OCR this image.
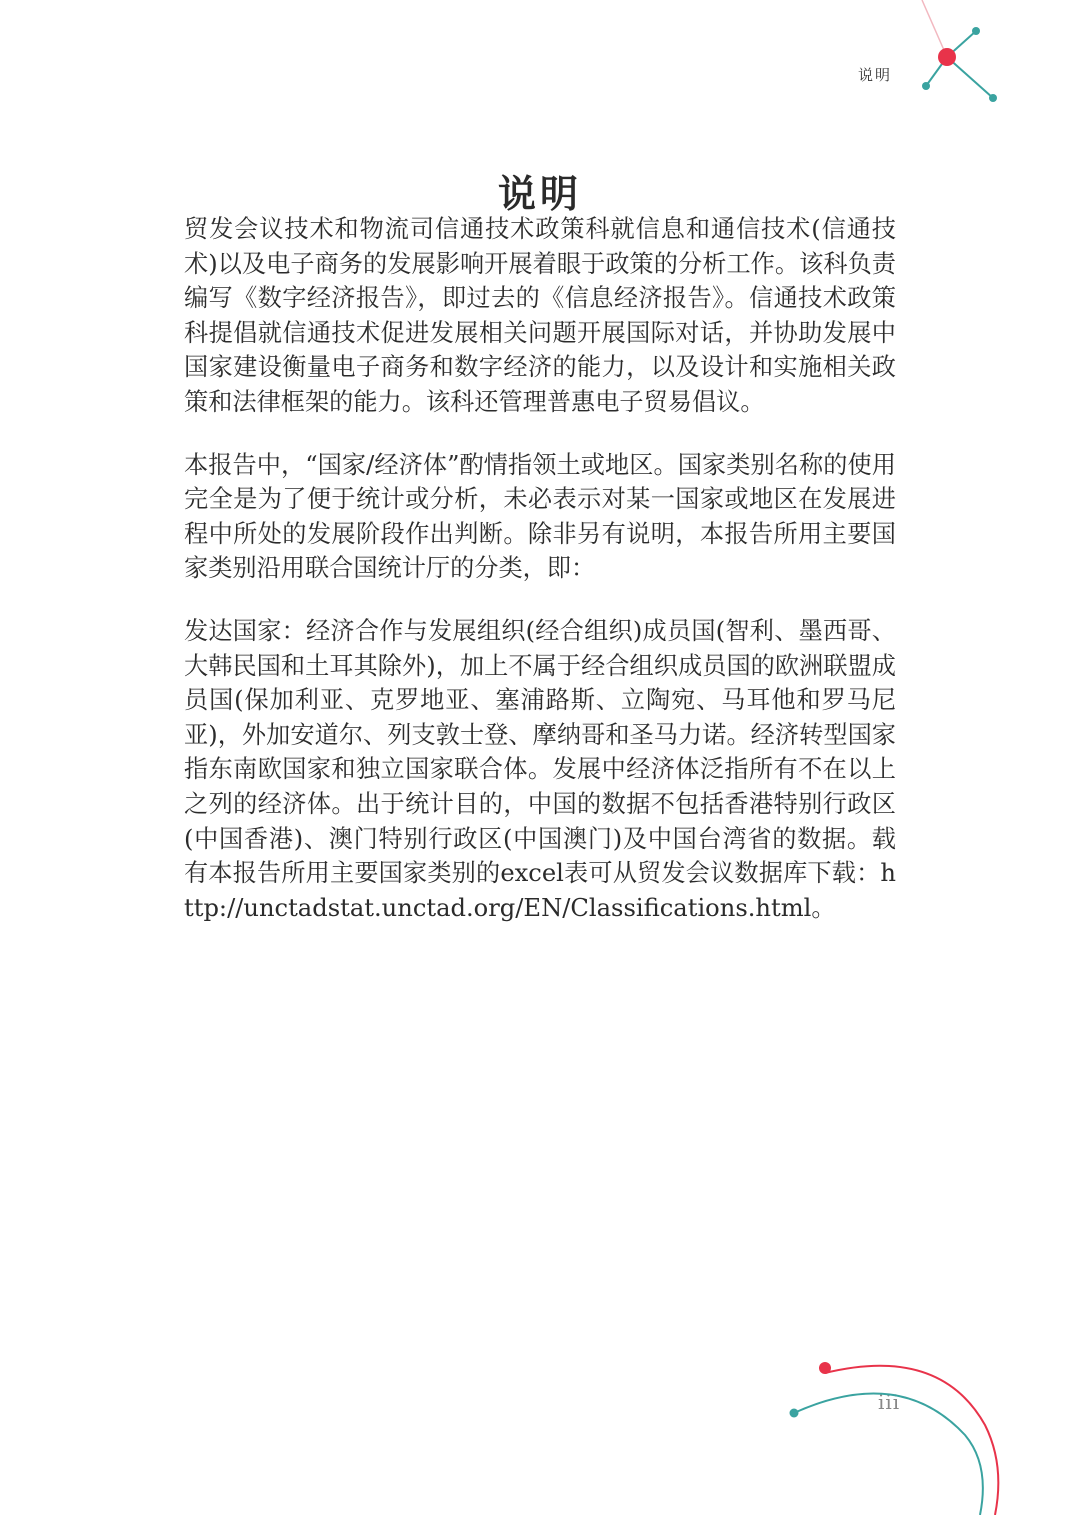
说明
说明

贸发会议技术和物流司信通技术政策科就信息和通信技术(信通技术)以及电子商务的发展影响开展着眼于政策的分析工作。该科负责编写《数字经济报告》，即过去的《信息经济报告》。信通技术政策科提倡就信通技术促进发展相关问题开展国际对话，并协助发展中国家建设衡量电子商务和数字经济的能力，以及设计和实施相关政策和法律框架的能力。该科还管理普惠电子贸易倡议。

本报告中，“国家/经济体”酌情指领土或地区。国家类别名称的使用完全是为了便于统计或分析，未必表示对某一国家或地区在发展进程中所处的发展阶段作出判断。除非另有说明，本报告所用主要国家类别沿用联合国统计厅的分类，即：

发达国家：经济合作与发展组织(经合组织)成员国(智利、墨西哥、大韩民国和土耳其除外)，加上不属于经合组织成员国的欧洲联盟成员国(保加利亚、克罗地亚、塞浦路斯、立陶宛、马耳他和罗马尼亚)，外加安道尔、列支敦士登、摩纳哥和圣马力诺。经济转型国家指东南欧国家和独立国家联合体。发展中经济体泛指所有不在以上之列的经济体。出于统计目的，中国的数据不包括香港特别行政区(中国香港)、澳门特别行政区(中国澳门)及中国台湾省的数据。载有本报告所用主要国家类别的excel表可从贸发会议数据库下载：http://unctadstat.unctad.org/EN/Classifications.html。

iii
